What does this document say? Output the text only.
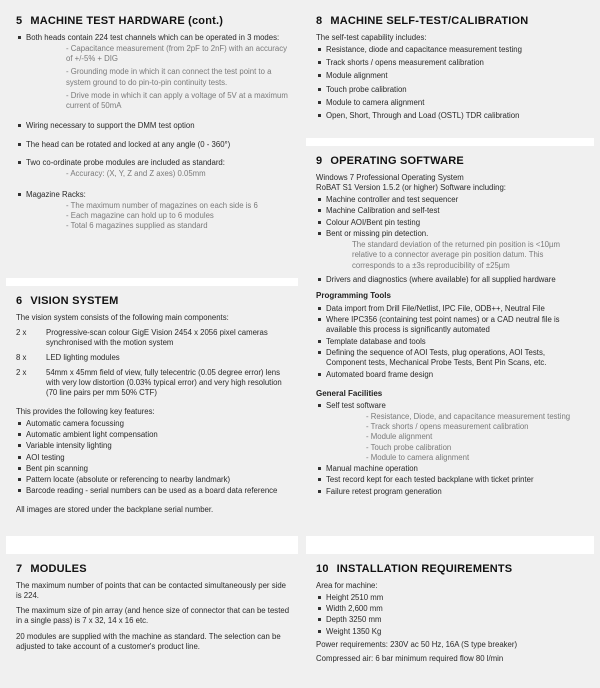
5 MACHINE TEST HARDWARE (cont.)
Both heads contain 224 test channels which can be operated in 3 modes:
- Capacitance measurement (from 2pF to 2nF) with an accuracy of +/-5% + DIG
- Grounding mode in which it can connect the test point to a system ground to do pin-to-pin continuity tests.
- Drive mode in which it can apply a voltage of 5V at a maximum current of 50mA
Wiring necessary to support the DMM test option
The head can be rotated and locked at any angle (0 - 360°)
Two co-ordinate probe modules are included as standard:
- Accuracy: (X, Y, Z and Z axes) 0.05mm
Magazine Racks:
- The maximum number of magazines on each side is 6
- Each magazine can hold up to 6 modules
- Total 6 magazines supplied as standard
6 VISION SYSTEM

The vision system consists of the following main components:

2 x	Progressive-scan colour GigE Vision 2454 x 2056 pixel cameras synchronised with the motion system
8 x	LED lighting modules
2 x	54mm x 45mm field of view, fully telecentric (0.05 degree error) lens with very low distortion (0.03% typical error) and very high resolution (70 line pairs per mm 50% CTF)

This provides the following key features:

Automatic camera focussing
Automatic ambient light compensation
Variable intensity lighting
AOI testing
Bent pin scanning
Pattern locate (absolute or referencing to nearby landmark)
Barcode reading - serial numbers can be used as a board data reference

All images are stored under the backplane serial number.

7 MODULES

The maximum number of points that can be contacted simultaneously per side is 224.

The maximum size of pin array (and hence size of connector that can be tested in a single pass) is 7 x 32, 14 x 16 etc.

20 modules are supplied with the machine as standard. The selection can be adjusted to take account of a customer's product line.

8 MACHINE SELF-TEST/CALIBRATION

The self-test capability includes:

Resistance, diode and capacitance measurement testing
Track shorts / opens measurement calibration
Module alignment
Touch probe calibration
Module to camera alignment
Open, Short, Through and Load (OSTL) TDR calibration
9 OPERATING SOFTWARE
Windows 7 Professional Operating System
RoBAT S1 Version 1.5.2 (or higher) Software including:
Machine controller and test sequencer
Machine Calibration and self-test
Colour AOI/Bent pin testing
Bent or missing pin detection.
The standard deviation of the returned pin position is <10µm relative to a connector average pin position datum. This corresponds to a ±3s reproducibility of ±25µm
Drivers and diagnostics (where available) for all supplied hardware
Programming Tools
Data import from Drill File/Netlist, IPC File, ODB++, Neutral File
Where IPC356 (containing test point names) or a CAD neutral file is available this process is significantly automated
Template database and tools
Defining the sequence of AOI Tests, plug operations, AOI Tests, Component tests, Mechanical Probe Tests, Bent Pin Scans, etc.
Automated board frame design
General Facilities
Self test software
- Resistance, Diode, and capacitance measurement testing
- Track shorts / opens measurement calibration
- Module alignment
- Touch probe calibration
- Module to camera alignment
Manual machine operation
Test record kept for each tested backplane with ticket printer
Failure retest program generation
10 INSTALLATION REQUIREMENTS
Area for machine:
Height 2510 mm
Width 2,600 mm
Depth 3250 mm
Weight 1350 Kg

Power requirements: 230V ac 50 Hz, 16A (S type breaker)

Compressed air: 6 bar minimum required flow 80 l/min
